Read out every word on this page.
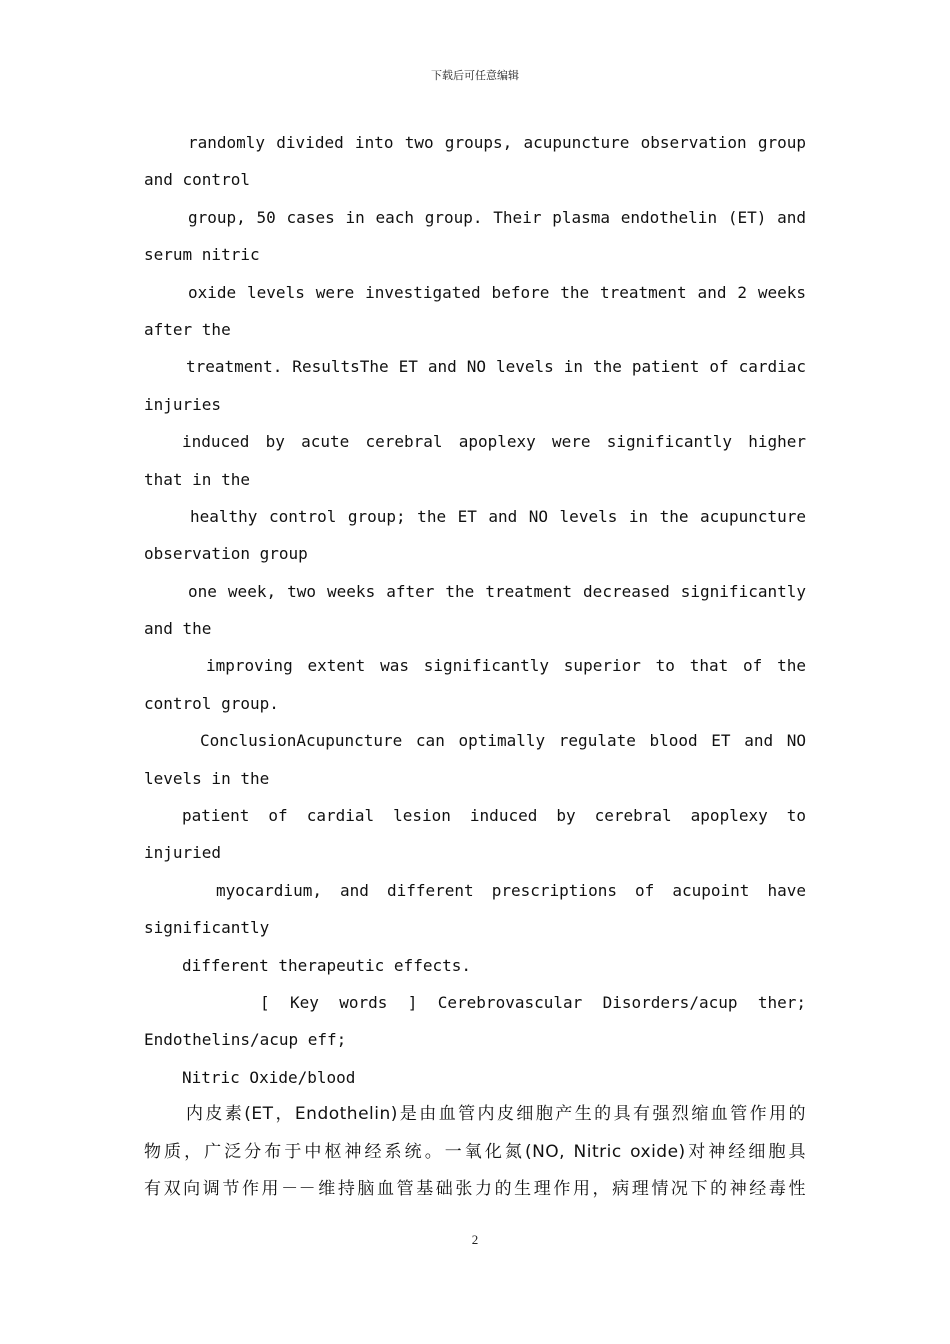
下载后可任意编辑
randomly divided into two groups, acupuncture observation group
and control
group, 50 cases in each group. Their plasma endothelin (ET) and
serum nitric
oxide levels were investigated before the treatment and 2 weeks
after the
treatment. ResultsThe ET and NO levels in the patient of cardiac
injuries
induced by acute cerebral apoplexy were significantly higher
that in the
healthy control group; the ET and NO levels in the acupuncture
observation group
one week, two weeks after the treatment decreased significantly
and the
improving extent was significantly superior to that of the
control group.
ConclusionAcupuncture can optimally regulate blood ET and NO
levels in the
patient of cardial lesion induced by cerebral apoplexy to
injuried
myocardium, and different prescriptions of acupoint have
significantly
different therapeutic effects.
[ Key words ] Cerebrovascular Disorders/acup ther;
Endothelins/acup eff;
Nitric Oxide/blood
内皮素(ET，Endothelin)是由血管内皮细胞产生的具有强烈缩血管作用的
物质，广泛分布于中枢神经系统。一氧化氮(NO, Nitric oxide)对神经细胞具
有双向调节作用－－维持脑血管基础张力的生理作用，病理情况下的神经毒性
2
